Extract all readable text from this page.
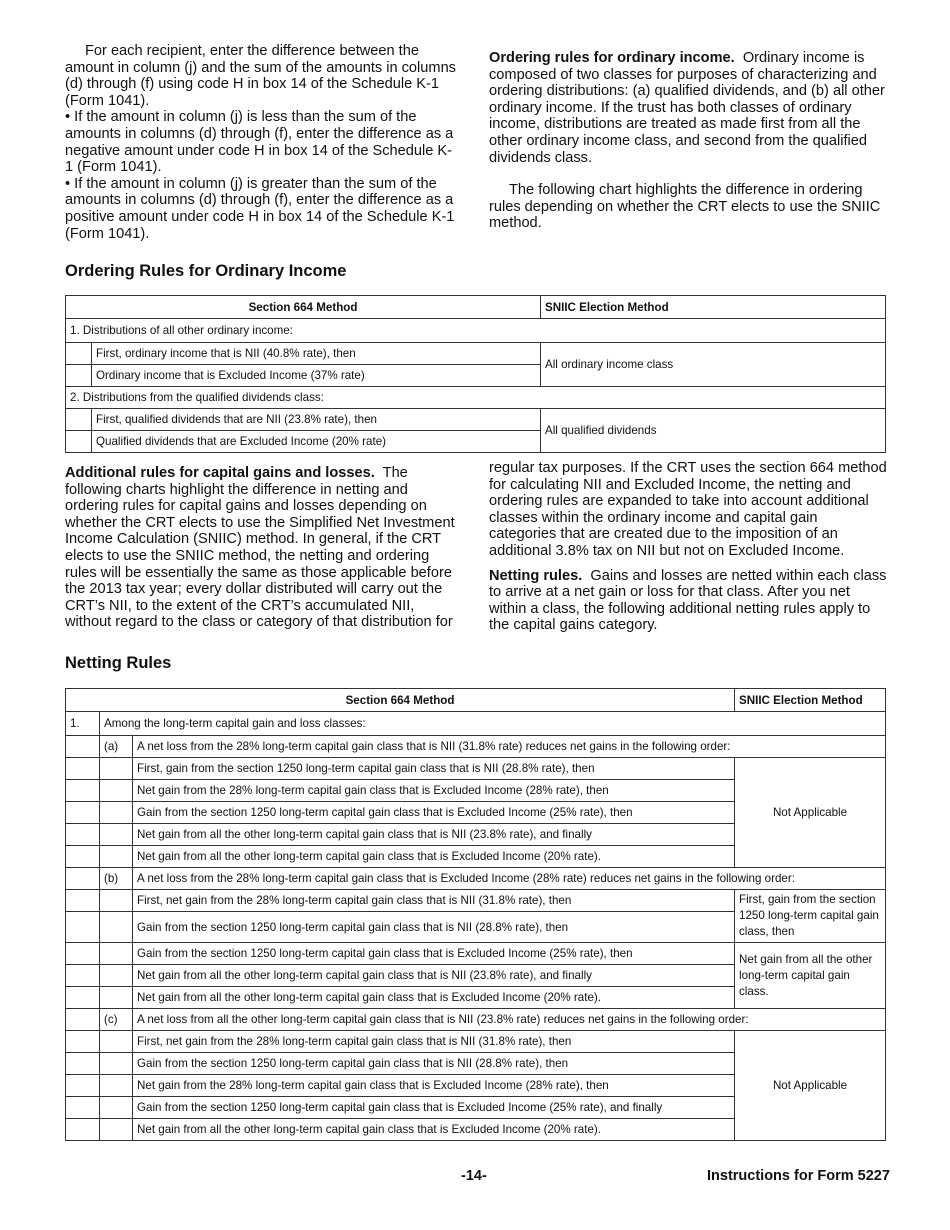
For each recipient, enter the difference between the amount in column (j) and the sum of the amounts in columns (d) through (f) using code H in box 14 of the Schedule K-1 (Form 1041).

• If the amount in column (j) is less than the sum of the amounts in columns (d) through (f), enter the difference as a negative amount under code H in box 14 of the Schedule K-1 (Form 1041).

• If the amount in column (j) is greater than the sum of the amounts in columns (d) through (f), enter the difference as a positive amount under code H in box 14 of the Schedule K-1 (Form 1041).

Ordering rules for ordinary income. Ordinary income is composed of two classes for purposes of characterizing and ordering distributions: (a) qualified dividends, and (b) all other ordinary income. If the trust has both classes of ordinary income, distributions are treated as made first from all the other ordinary income class, and second from the qualified dividends class.

The following chart highlights the difference in ordering rules depending on whether the CRT elects to use the SNIIC method.

Ordering Rules for Ordinary Income
Section 664 Method		SNIIC Election Method
1. Distributions of all other ordinary income:		
	First, ordinary income that is NII (40.8% rate), then	All ordinary income class
	Ordinary income that is Excluded Income (37% rate)	
2. Distributions from the qualified dividends class:		
	First, qualified dividends that are NII (23.8% rate), then	All qualified dividends
	Qualified dividends that are Excluded Income (20% rate)	

Additional rules for capital gains and losses. The following charts highlight the difference in netting and ordering rules for capital gains and losses depending on whether the CRT elects to use the Simplified Net Investment Income Calculation (SNIIC) method. In general, if the CRT elects to use the SNIIC method, the netting and ordering rules will be essentially the same as those applicable before the 2013 tax year; every dollar distributed will carry out the CRT’s NII, to the extent of the CRT’s accumulated NII, without regard to the class or category of that distribution for

regular tax purposes. If the CRT uses the section 664 method for calculating NII and Excluded Income, the netting and ordering rules are expanded to take into account additional classes within the ordinary income and capital gain categories that are created due to the imposition of an additional 3.8% tax on NII but not on Excluded Income.

Netting rules. Gains and losses are netted within each class to arrive at a net gain or loss for that class. After you net within a class, the following additional netting rules apply to the capital gains category.

Netting Rules
Section 664 Method			SNIIC Election Method
1.	Among the long-term capital gain and loss classes:		
	(a)	A net loss from the 28% long-term capital gain class that is NII (31.8% rate) reduces net gains in the following order:	
		First, gain from the section 1250 long-term capital gain class that is NII (28.8% rate), then	Not Applicable
		Net gain from the 28% long-term capital gain class that is Excluded Income (28% rate), then	
		Gain from the section 1250 long-term capital gain class that is Excluded Income (25% rate), then	
		Net gain from all the other long-term capital gain class that is NII (23.8% rate), and finally	
		Net gain from all the other long-term capital gain class that is Excluded Income (20% rate).	
	(b)	A net loss from the 28% long-term capital gain class that is Excluded Income (28% rate) reduces net gains in the following order:	
		First, net gain from the 28% long-term capital gain class that is NII (31.8% rate), then	First, gain from the section 1250 long-term capital gain class, then
		Gain from the section 1250 long-term capital gain class that is NII (28.8% rate), then	
		Gain from the section 1250 long-term capital gain class that is Excluded Income (25% rate), then	Net gain from all the other long-term capital gain class.
		Net gain from all the other long-term capital gain class that is NII (23.8% rate), and finally	
		Net gain from all the other long-term capital gain class that is Excluded Income (20% rate).	
	(c)	A net loss from all the other long-term capital gain class that is NII (23.8% rate) reduces net gains in the following order:	
		First, net gain from the 28% long-term capital gain class that is NII (31.8% rate), then	Not Applicable
		Gain from the section 1250 long-term capital gain class that is NII (28.8% rate), then	
		Net gain from the 28% long-term capital gain class that is Excluded Income (28% rate), then	
		Gain from the section 1250 long-term capital gain class that is Excluded Income (25% rate), and finally	
		Net gain from all the other long-term capital gain class that is Excluded Income (20% rate).	
-14-	Instructions for Form 5227
